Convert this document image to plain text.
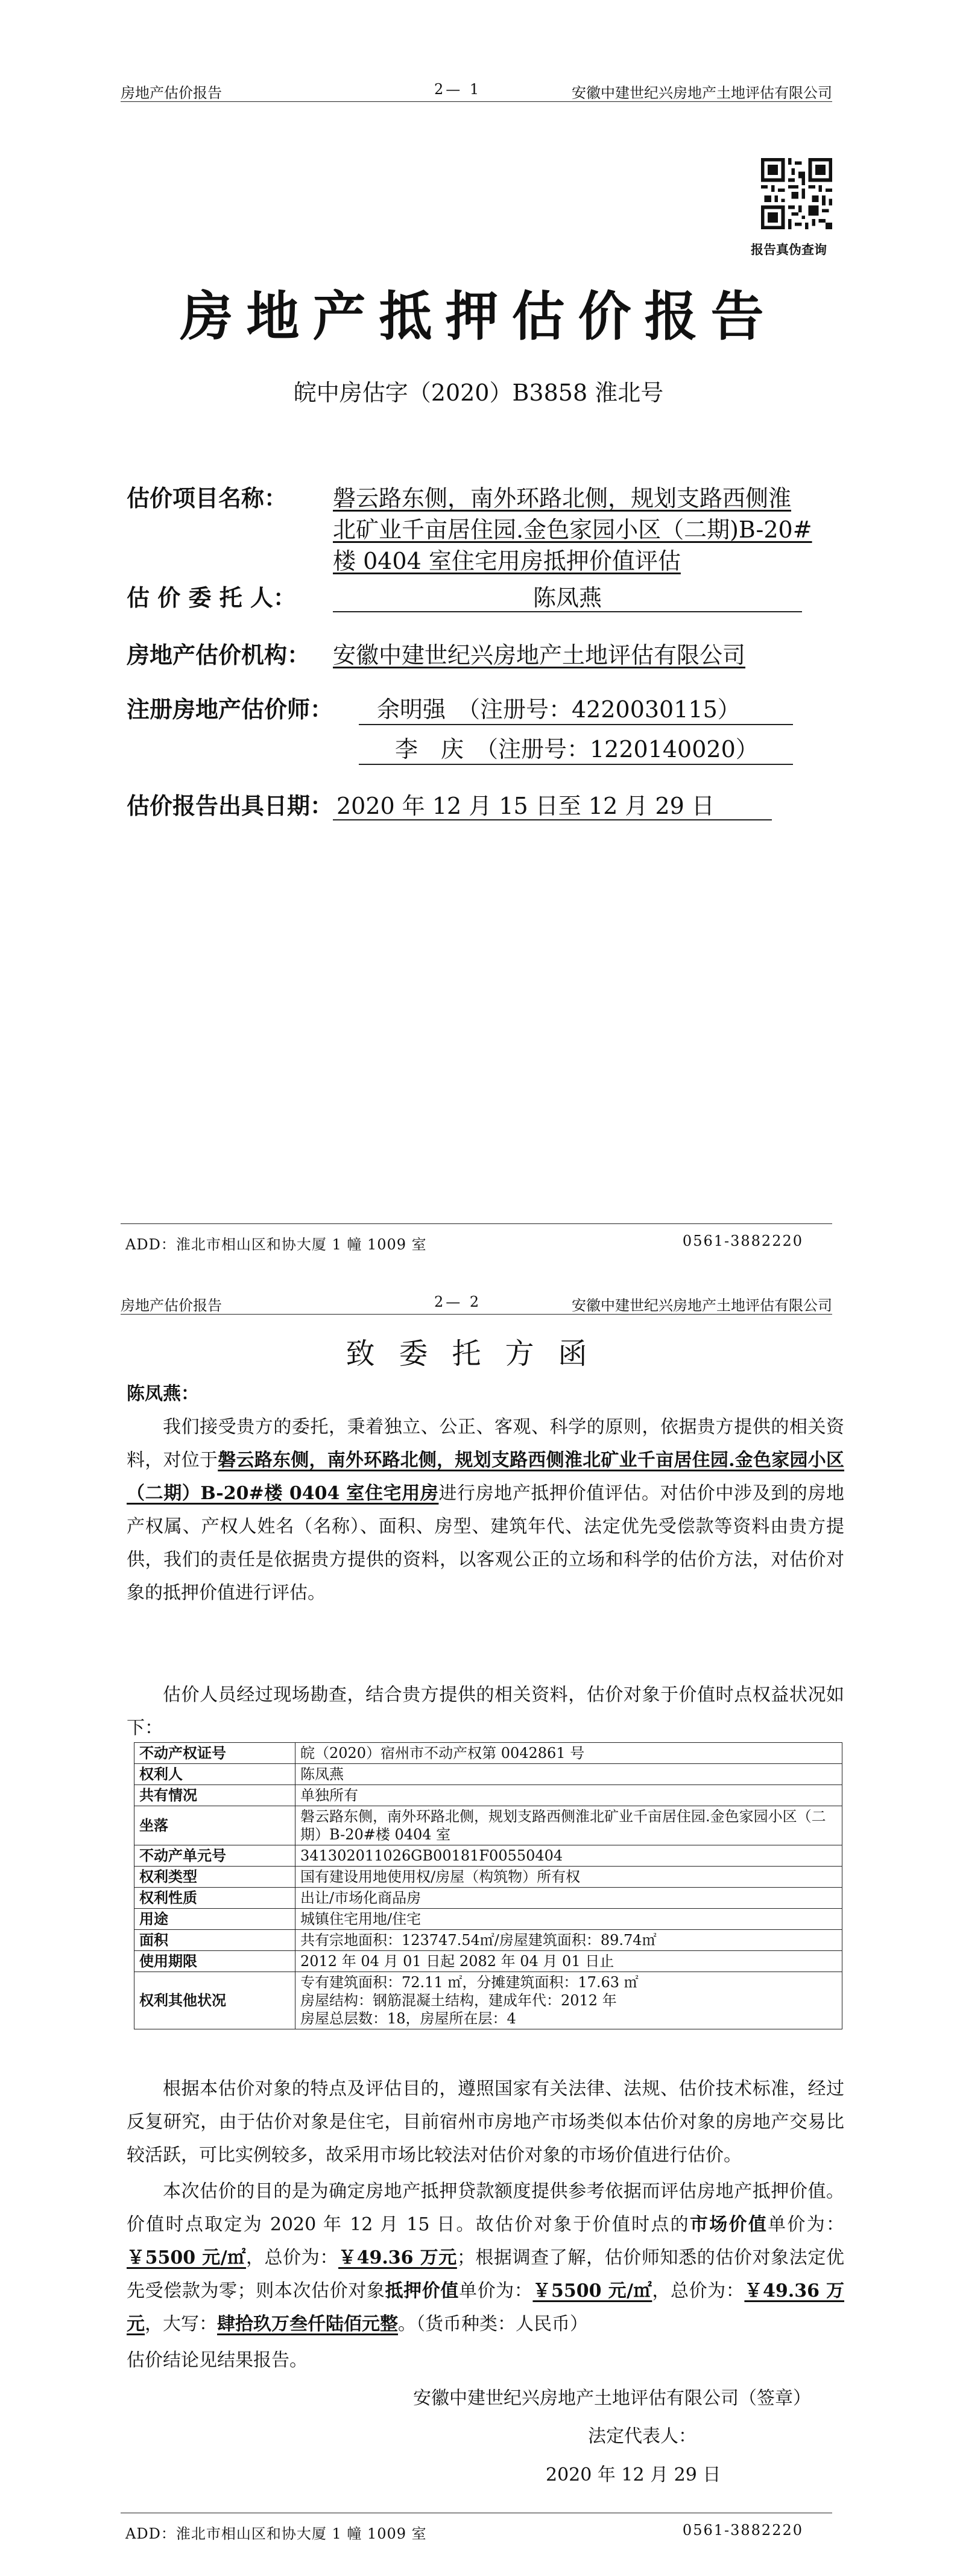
房地产估价报告	2— 1	安徽中建世纪兴房地产土地评估有限公司
报告真伪查询
房地产抵押估价报告
皖中房估字（2020）B3858 淮北号
估价项目名称： 磐云路东侧，南外环路北侧，规划支路西侧淮
北矿业千亩居住园.金色家园小区（二期)B-20#
楼 0404 室住宅用房抵押价值评估
估 价 委 托 人：	陈凤燕
房地产估价机构： 安徽中建世纪兴房地产土地评估有限公司
注册房地产估价师：	余明强　（注册号：4220030115）
李　庆　（注册号：1220140020）
估价报告出具日期： 2020 年 12 月 15 日至 12 月 29 日
ADD：淮北市相山区和协大厦 1 幢 1009 室	0561-3882220
房地产估价报告	2— 2	安徽中建世纪兴房地产土地评估有限公司
致委托方函
陈凤燕：
我们接受贵方的委托，秉着独立、公正、客观、科学的原则，依据贵方提供的相关资料，对位于磐云路东侧，南外环路北侧，规划支路西侧淮北矿业千亩居住园.金色家园小区（二期）B-20#楼 0404 室住宅用房进行房地产抵押价值评估。对估价中涉及到的房地产权属、产权人姓名（名称）、面积、房型、建筑年代、法定优先受偿款等资料由贵方提供，我们的责任是依据贵方提供的资料，以客观公正的立场和科学的估价方法，对估价对象的抵押价值进行评估。
估价人员经过现场勘查，结合贵方提供的相关资料，估价对象于价值时点权益状况如下：
不动产权证号	皖（2020）宿州市不动产权第 0042861 号
权利人	陈凤燕
共有情况	单独所有
坐落	磐云路东侧，南外环路北侧，规划支路西侧淮北矿业千亩居住园.金色家园小区（二期）B-20#楼 0404 室
不动产单元号	341302011026GB00181F00550404
权利类型	国有建设用地使用权/房屋（构筑物）所有权
权利性质	出让/市场化商品房
用途	城镇住宅用地/住宅
面积	共有宗地面积：123747.54㎡/房屋建筑面积：89.74㎡
使用期限	2012 年 04 月 01 日起 2082 年 04 月 01 日止
权利其他状况	专有建筑面积：72.11 ㎡，分摊建筑面积：17.63 ㎡
房屋结构：钢筋混凝土结构，建成年代：2012 年
房屋总层数：18，房屋所在层：4
根据本估价对象的特点及评估目的，遵照国家有关法律、法规、估价技术标准，经过反复研究，由于估价对象是住宅，目前宿州市房地产市场类似本估价对象的房地产交易比较活跃，可比实例较多，故采用市场比较法对估价对象的市场价值进行估价。
本次估价的目的是为确定房地产抵押贷款额度提供参考依据而评估房地产抵押价值。价值时点取定为 2020 年 12 月 15 日。故估价对象于价值时点的市场价值单价为：￥5500 元/㎡，总价为：￥49.36 万元；根据调查了解，估价师知悉的估价对象法定优先受偿款为零；则本次估价对象抵押价值单价为：￥5500 元/㎡，总价为：￥49.36 万元，大写：肆拾玖万叁仟陆佰元整。（货币种类：人民币）
估价结论见结果报告。
安徽中建世纪兴房地产土地评估有限公司（签章）
法定代表人：
2020 年 12 月 29 日
ADD：淮北市相山区和协大厦 1 幢 1009 室	0561-3882220
